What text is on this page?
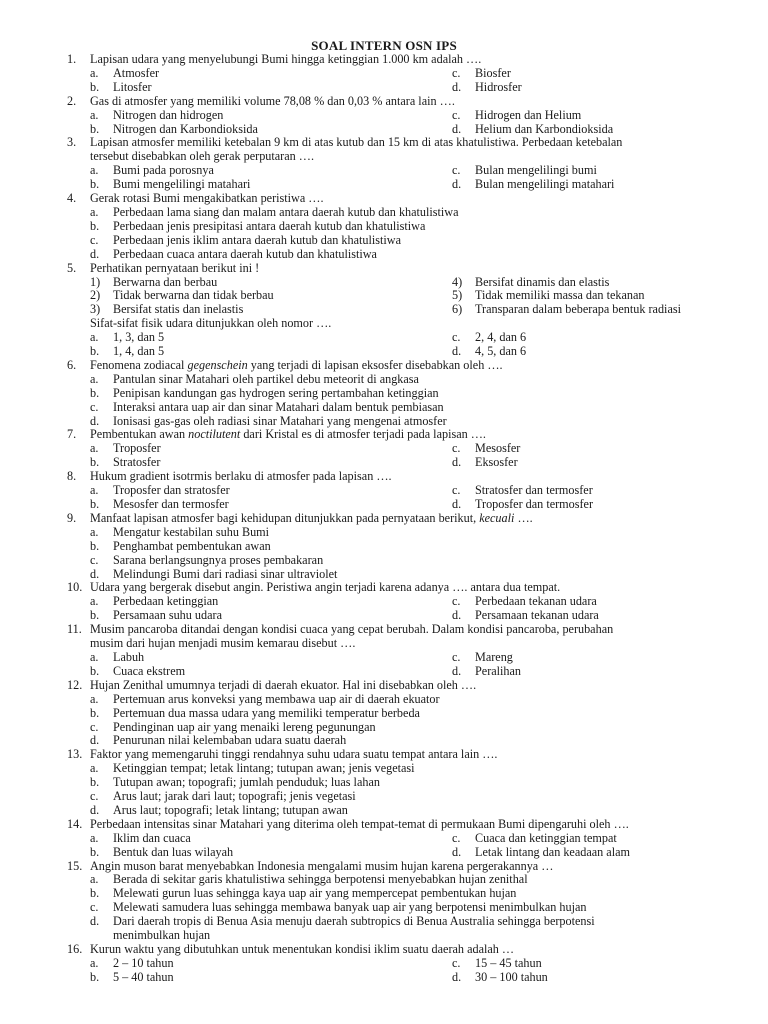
SOAL INTERN OSN IPS
1. Lapisan udara yang menyelubungi Bumi hingga ketinggian 1.000 km adalah ….
a. Atmosfer	c. Biosfer
b. Litosfer	d. Hidrosfer
2. Gas di atmosfer yang memiliki volume 78,08 % dan 0,03 % antara lain ….
a. Nitrogen dan hidrogen	c. Hidrogen dan Helium
b. Nitrogen dan Karbondioksida	d. Helium dan Karbondioksida
3. Lapisan atmosfer memiliki ketebalan 9 km di atas kutub dan 15 km di atas khatulistiwa. Perbedaan ketebalan
tersebut disebabkan oleh gerak perputaran ….
a. Bumi pada porosnya	c. Bulan mengelilingi bumi
b. Bumi mengelilingi matahari	d. Bulan mengelilingi matahari
4. Gerak rotasi Bumi mengakibatkan peristiwa ….
a. Perbedaan lama siang dan malam antara daerah kutub dan khatulistiwa
b. Perbedaan jenis presipitasi antara daerah kutub dan khatulistiwa
c. Perbedaan jenis iklim antara daerah kutub dan khatulistiwa
d. Perbedaan cuaca antara daerah kutub dan khatulistiwa
5. Perhatikan pernyataan berikut ini !
1) Berwarna dan berbau	4) Bersifat dinamis dan elastis
2) Tidak berwarna dan tidak berbau	5) Tidak memiliki massa dan tekanan
3) Bersifat statis dan inelastis	6) Transparan dalam beberapa bentuk radiasi
Sifat-sifat fisik udara ditunjukkan oleh nomor ….
a. 1, 3, dan 5	c. 2, 4, dan 6
b. 1, 4, dan 5	d. 4, 5, dan 6
6. Fenomena zodiacal gegenschein yang terjadi di lapisan eksosfer disebabkan oleh ….
a. Pantulan sinar Matahari oleh partikel debu meteorit di angkasa
b. Penipisan kandungan gas hydrogen sering pertambahan ketinggian
c. Interaksi antara uap air dan sinar Matahari dalam bentuk pembiasan
d. Ionisasi gas-gas oleh radiasi sinar Matahari yang mengenai atmosfer
7. Pembentukan awan noctilutent dari Kristal es di atmosfer terjadi pada lapisan ….
a. Troposfer	c. Mesosfer
b. Stratosfer	d. Eksosfer
8. Hukum gradient isotrmis berlaku di atmosfer pada lapisan ….
a. Troposfer dan stratosfer	c. Stratosfer dan termosfer
b. Mesosfer dan termosfer	d. Troposfer dan termosfer
9. Manfaat lapisan atmosfer bagi kehidupan ditunjukkan pada pernyataan berikut, kecuali ….
a. Mengatur kestabilan suhu Bumi
b. Penghambat pembentukan awan
c. Sarana berlangsungnya proses pembakaran
d. Melindungi Bumi dari radiasi sinar ultraviolet
10. Udara yang bergerak disebut angin. Peristiwa angin terjadi karena adanya …. antara dua tempat.
a. Perbedaan ketinggian	c. Perbedaan tekanan udara
b. Persamaan suhu udara	d. Persamaan tekanan udara
11. Musim pancaroba ditandai dengan kondisi cuaca yang cepat berubah. Dalam kondisi pancaroba, perubahan
musim dari hujan menjadi musim kemarau disebut ….
a. Labuh	c. Mareng
b. Cuaca ekstrem	d. Peralihan
12. Hujan Zenithal umumnya terjadi di daerah ekuator. Hal ini disebabkan oleh ….
a. Pertemuan arus konveksi yang membawa uap air di daerah ekuator
b. Pertemuan dua massa udara yang memiliki temperatur berbeda
c. Pendinginan uap air yang menaiki lereng pegunungan
d. Penurunan nilai kelembaban udara suatu daerah
13. Faktor yang memengaruhi tinggi rendahnya suhu udara suatu tempat antara lain ….
a. Ketinggian tempat; letak lintang; tutupan awan; jenis vegetasi
b. Tutupan awan; topografi; jumlah penduduk; luas lahan
c. Arus laut; jarak dari laut; topografi; jenis vegetasi
d. Arus laut; topografi; letak lintang; tutupan awan
14. Perbedaan intensitas sinar Matahari yang diterima oleh tempat-temat di permukaan Bumi dipengaruhi oleh ….
a. Iklim dan cuaca	c. Cuaca dan ketinggian tempat
b. Bentuk dan luas wilayah	d. Letak lintang dan keadaan alam
15. Angin muson barat menyebabkan Indonesia mengalami musim hujan karena pergerakannya …
a. Berada di sekitar garis khatulistiwa sehingga berpotensi menyebabkan hujan zenithal
b. Melewati gurun luas sehingga kaya uap air yang mempercepat pembentukan hujan
c. Melewati samudera luas sehingga membawa banyak uap air yang berpotensi menimbulkan hujan
d. Dari daerah tropis di Benua Asia menuju daerah subtropics di Benua Australia sehingga berpotensi
menimbulkan hujan
16. Kurun waktu yang dibutuhkan untuk menentukan kondisi iklim suatu daerah adalah …
a. 2 – 10 tahun	c. 15 – 45 tahun
b. 5 – 40 tahun	d. 30 – 100 tahun
